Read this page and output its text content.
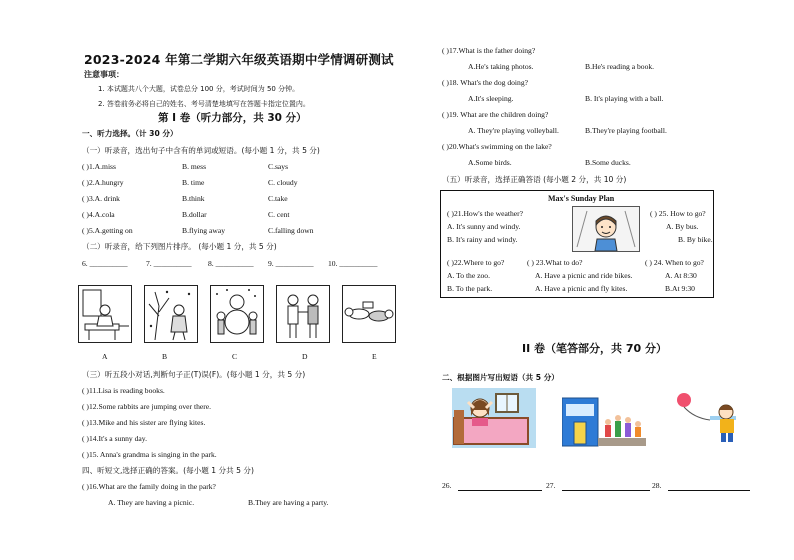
2023-2024 年第二学期六年级英语期中学情调研测试
注意事项：
1. 本试题共八个大题，试卷总分 100 分，考试时间为 50 分钟。
2. 答卷前务必将自己的姓名、考号清楚地填写在答题卡指定位置内。
第 I 卷（听力部分，共 30 分）
一、听力选择。（计 30 分）
（一）听录音，选出句子中含有的单词或短语。(每小题 1 分，共 5 分)
( )1.A.miss	B. mess	C.says
( )2.A.hungry	B. time	C. cloudy
( )3.A. drink	B.think	C.take
( )4.A.cola	B.dollar	C. cent
( )5.A.getting on	B.flying away	C.falling down
（二）听录音，给下列图片排序。 (每小题 1 分，共 5 分)
6. __________ 7. __________ 8. __________ 9. __________ 10. __________
A	B	C	D	E
（三）听五段小对话,判断句子正(T)误(F)。(每小题 1 分，共 5 分)
( )11.Lisa is reading books.
( )12.Some rabbits are jumping over there.
( )13.Mike and his sister are flying kites.
( )14.It's a sunny day.
( )15. Anna's grandma is singing in the park.
四、听短文,选择正确的答案。(每小题 1 分共 5 分)
( )16.What are the family doing in the park?
A. They are having a picnic.	B.They are having a party.
( )17.What is the father doing?
A.He's taking photos.	B.He's reading a book.
( )18. What's the dog doing?
A.It's sleeping.	B. It's playing with a ball.
( )19. What are the children doing?
A. They're playing volleyball.	B.They're playing football.
( )20.What's swimming on the lake?
A.Some birds.	B.Some ducks.
（五）听录音，选择正确答语 (每小题 2 分，共 10 分)
Max's Sunday Plan
( )21.How's the weather?
A. It's sunny and windy.
B. It's rainy and windy.
( ) 25. How to go?
A. By bus.
B. By bike.
( )22.Where to go?
A. To the zoo.
B. To the park.
( ) 23.What to do?
A. Have a picnic and ride bikes.
A. Have a picnic and fly kites.
( ) 24. When to go?
A. At 8:30
B.At 9:30
II 卷（笔答部分，共 70 分）
二、根据图片写出短语（共 5 分）
26.	27.	28.
